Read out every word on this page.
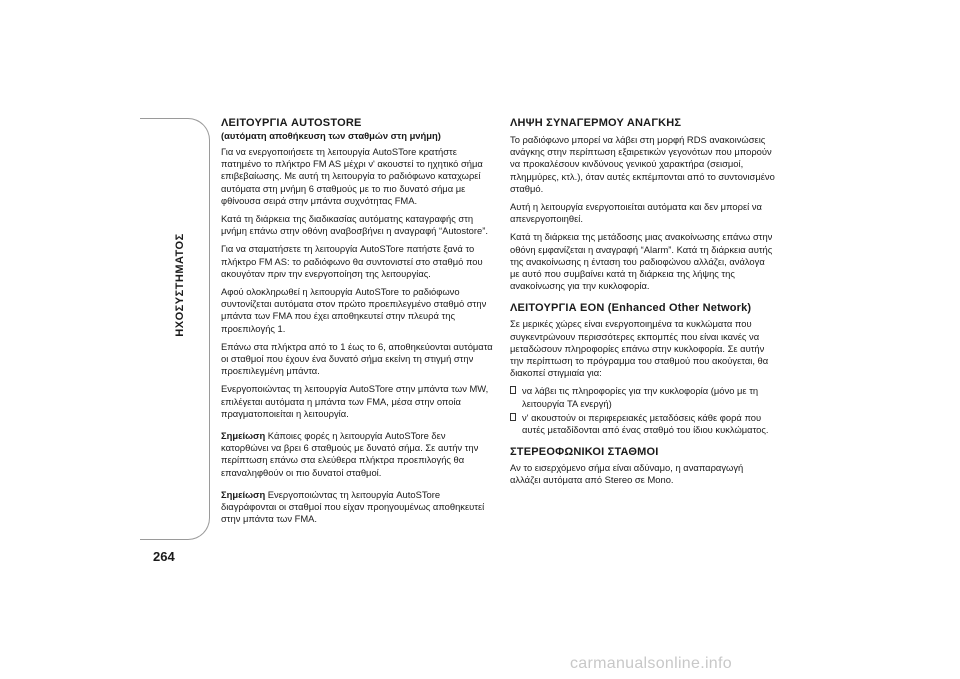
ΗΧΟΣΥΣΤΗΜΑΤΟΣ
264
ΛΕΙΤΟΥΡΓΙΑ AUTOSTORE
(αυτόματη αποθήκευση των σταθμών στη μνήμη)

Για να ενεργοποιήσετε τη λειτουργία AutoSTore κρατήστε πατημένο το πλήκτρο FM AS μέχρι ν' ακουστεί το ηχητικό σήμα επιβεβαίωσης. Με αυτή τη λειτουργία το ραδιόφωνο καταχωρεί αυτόματα στη μνήμη 6 σταθμούς με το πιο δυνατό σήμα με φθίνουσα σειρά στην μπάντα συχνότητας FMA.

Κατά τη διάρκεια της διαδικασίας αυτόματης καταγραφής στη μνήμη επάνω στην οθόνη αναβοσβήνει η αναγραφή “Autostore”.

Για να σταματήσετε τη λειτουργία AutoSTore πατήστε ξανά το πλήκτρο FM AS: το ραδιόφωνο θα συντονιστεί στο σταθμό που ακουγόταν πριν την ενεργοποίηση της λειτουργίας.

Αφού ολοκληρωθεί η λειτουργία AutoSTore το ραδιόφωνο συντονίζεται αυτόματα στον πρώτο προεπιλεγμένο σταθμό στην μπάντα των FMA που έχει αποθηκευτεί στην πλευρά της προεπιλογής 1.

Επάνω στα πλήκτρα από το 1 έως το 6, αποθηκεύονται αυτόματα οι σταθμοί που έχουν ένα δυνατό σήμα εκείνη τη στιγμή στην προεπιλεγμένη μπάντα.

Ενεργοποιώντας τη λειτουργία AutoSTore στην μπάντα των MW, επιλέγεται αυτόματα η μπάντα των FMA, μέσα στην οποία πραγματοποιείται η λειτουργία.

Σημείωση Κάποιες φορές η λειτουργία AutoSTore δεν κατορθώνει να βρει 6 σταθμούς με δυνατό σήμα. Σε αυτήν την περίπτωση επάνω στα ελεύθερα πλήκτρα προεπιλογής θα επαναληφθούν οι πιο δυνατοί σταθμοί.

Σημείωση Ενεργοποιώντας τη λειτουργία AutoSTore διαγράφονται οι σταθμοί που είχαν προηγουμένως αποθηκευτεί στην μπάντα των FMA.

ΛΗΨΗ ΣΥΝΑΓΕΡΜΟΥ ΑΝΑΓΚΗΣ

Το ραδιόφωνο μπορεί να λάβει στη μορφή RDS ανακοινώσεις ανάγκης στην περίπτωση εξαιρετικών γεγονότων που μπορούν να προκαλέσουν κινδύνους γενικού χαρακτήρα (σεισμοί, πλημμύρες, κτλ.), όταν αυτές εκπέμπονται από το συντονισμένο σταθμό.

Αυτή η λειτουργία ενεργοποιείται αυτόματα και δεν μπορεί να απενεργοποιηθεί.

Κατά τη διάρκεια της μετάδοσης μιας ανακοίνωσης επάνω στην οθόνη εμφανίζεται η αναγραφή “Alarm”. Κατά τη διάρκεια αυτής της ανακοίνωσης η ένταση του ραδιοφώνου αλλάζει, ανάλογα με αυτό που συμβαίνει κατά τη διάρκεια της λήψης της ανακοίνωσης για την κυκλοφορία.

ΛΕΙΤΟΥΡΓΙΑ EON (Enhanced Other Network)

Σε μερικές χώρες είναι ενεργοποιημένα τα κυκλώματα που συγκεντρώνουν περισσότερες εκπομπές που είναι ικανές να μεταδώσουν πληροφορίες επάνω στην κυκλοφορία. Σε αυτήν την περίπτωση το πρόγραμμα του σταθμού που ακούγεται, θα διακοπεί στιγμιαία για:

να λάβει τις πληροφορίες για την κυκλοφορία (μόνο με τη λειτουργία TA ενεργή)
ν' ακουστούν οι περιφερειακές μεταδόσεις κάθε φορά που αυτές μεταδίδονται από ένας σταθμό του ίδιου κυκλώματος.
ΣΤΕΡΕΟΦΩΝΙΚΟΙ ΣΤΑΘΜΟΙ

Αν το εισερχόμενο σήμα είναι αδύναμο, η αναπαραγωγή αλλάζει αυτόματα από Stereo σε Mono.

carmanualsonline.info
